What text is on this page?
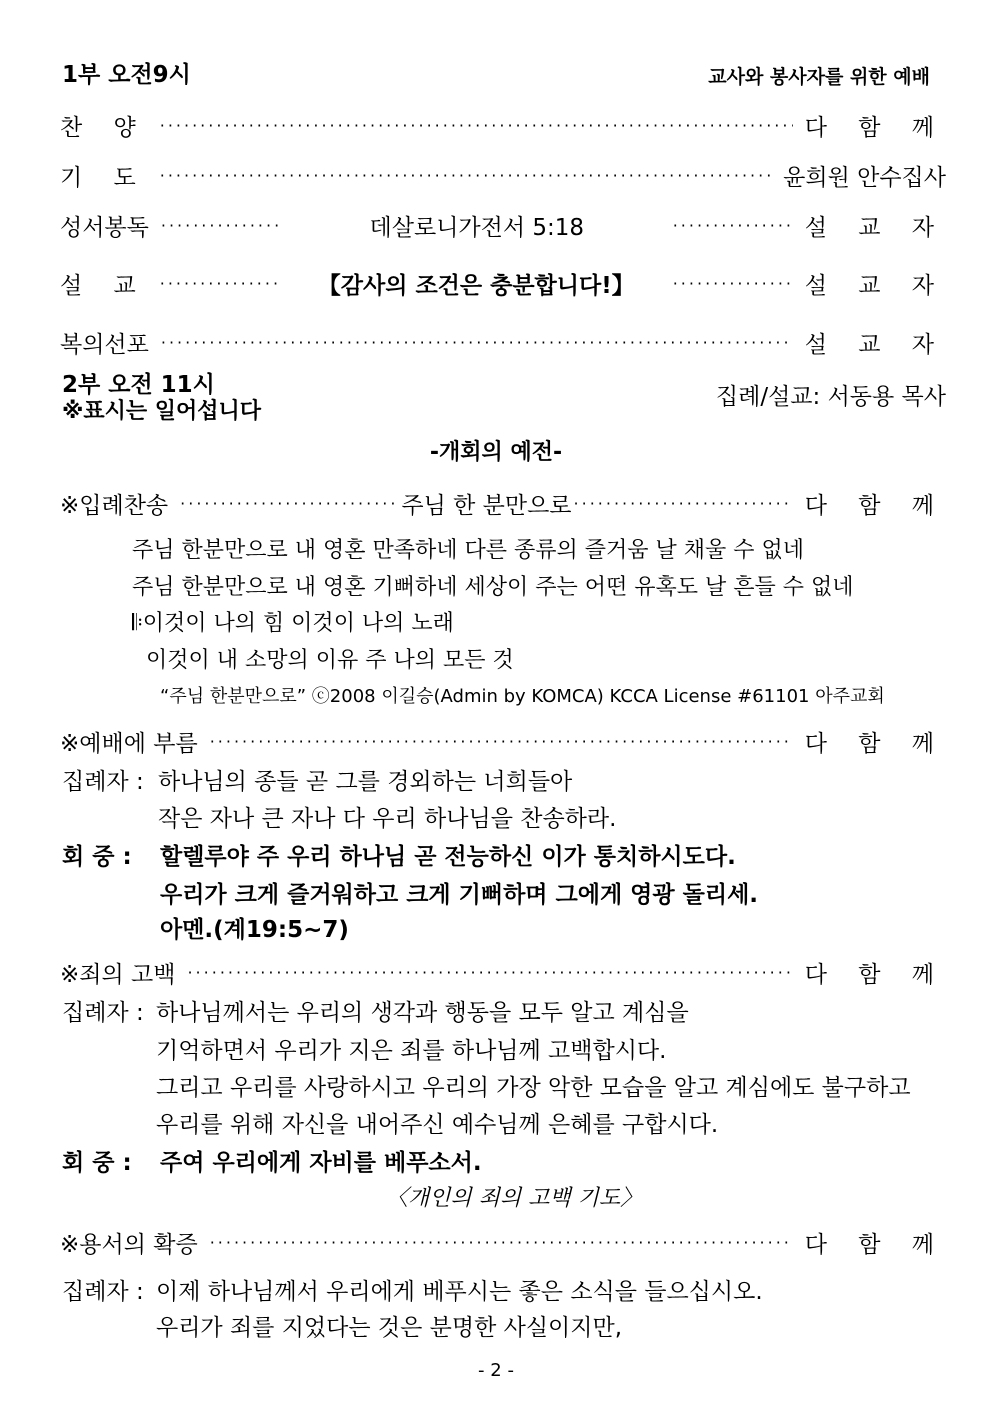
1부 오전9시	교사와 봉사자를 위한 예배
찬 양 ·····	다 함 께
기 도 ·····	윤희원 안수집사
성서봉독 ·····	데살로니가전서 5:18 ·····	설 교 자
설 교 ·····	【감사의 조건은 충분합니다!】 ·····	설 교 자
복의선포 ·····	설 교 자
2부 오전 11시
※표시는 일어섭니다
집례/설교: 서동용 목사
-개회의 예전-
※입례찬송 ·····	주님 한 분만으로 ·····	다 함 께
주님 한분만으로 내 영혼 만족하네 다른 종류의 즐거움 날 채울 수 없네
주님 한분만으로 내 영혼 기뻐하네 세상이 주는 어떤 유혹도 날 흔들 수 없네
𝄆이것이 나의 힘 이것이 나의 노래
이것이 내 소망의 이유 주 나의 모든 것
“주님 한분만으로” ⓒ2008 이길승(Admin by KOMCA) KCCA License #61101 아주교회
※예배에 부름 ·····	다 함 께
집례자 : 하나님의 종들 곧 그를 경외하는 너희들아
작은 자나 큰 자나 다 우리 하나님을 찬송하라.
회 중 : 할렐루야 주 우리 하나님 곧 전능하신 이가 통치하시도다.
우리가 크게 즐거워하고 크게 기뻐하며 그에게 영광 돌리세.
아멘.(계19:5~7)
※죄의 고백 ·····	다 함 께
집례자 : 하나님께서는 우리의 생각과 행동을 모두 알고 계심을
기억하면서 우리가 지은 죄를 하나님께 고백합시다.
그리고 우리를 사랑하시고 우리의 가장 악한 모습을 알고 계심에도 불구하고
우리를 위해 자신을 내어주신 예수님께 은혜를 구합시다.
회 중 : 주여 우리에게 자비를 베푸소서.
〈개인의 죄의 고백 기도〉
※용서의 확증 ·····	다 함 께
집례자 : 이제 하나님께서 우리에게 베푸시는 좋은 소식을 들으십시오.
우리가 죄를 지었다는 것은 분명한 사실이지만,
- 2 -
